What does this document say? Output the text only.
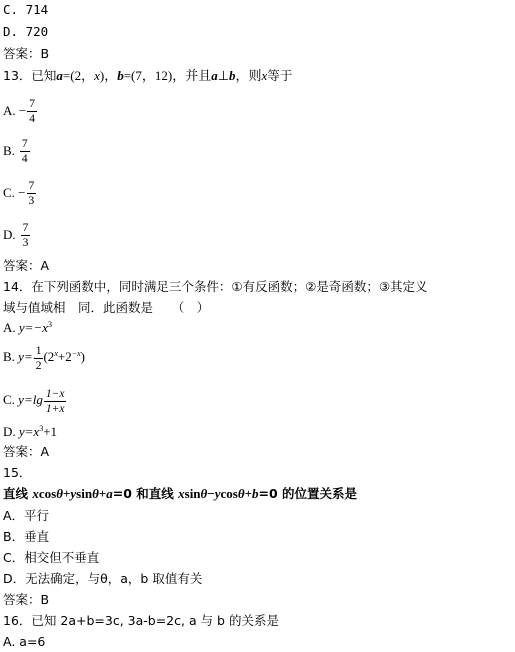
C. 714
D. 720
答案：B
13．已知a=(2，x)，b=(7，12)，并且a⊥b，则x等于
A. − $\frac{7}{4}$
B. $\frac{7}{4}$
C. − $\frac{7}{3}$
D. $\frac{7}{3}$
答案：A
14．在下列函数中，同时满足三个条件：①有反函数；②是奇函数；③其定义
域与值域相　同．此函数是　　（　）
A. $y=-x^3$
B. $y= \frac{1}{2} (2^x+2^{-x})$
C. $y=\lg \frac{1-x}{1+x}$
D. $y=x^3+1$
答案：A
15．
直线 xcosθ+ysinθ+a=0 和直线 xsinθ−ycosθ+b=0 的位置关系是
A．平行
B．垂直
C．相交但不垂直
D．无法确定，与θ，a，b 取值有关
答案：B
16．已知 2a+b=3c, 3a-b=2c, a 与 b 的关系是
A. a=6
